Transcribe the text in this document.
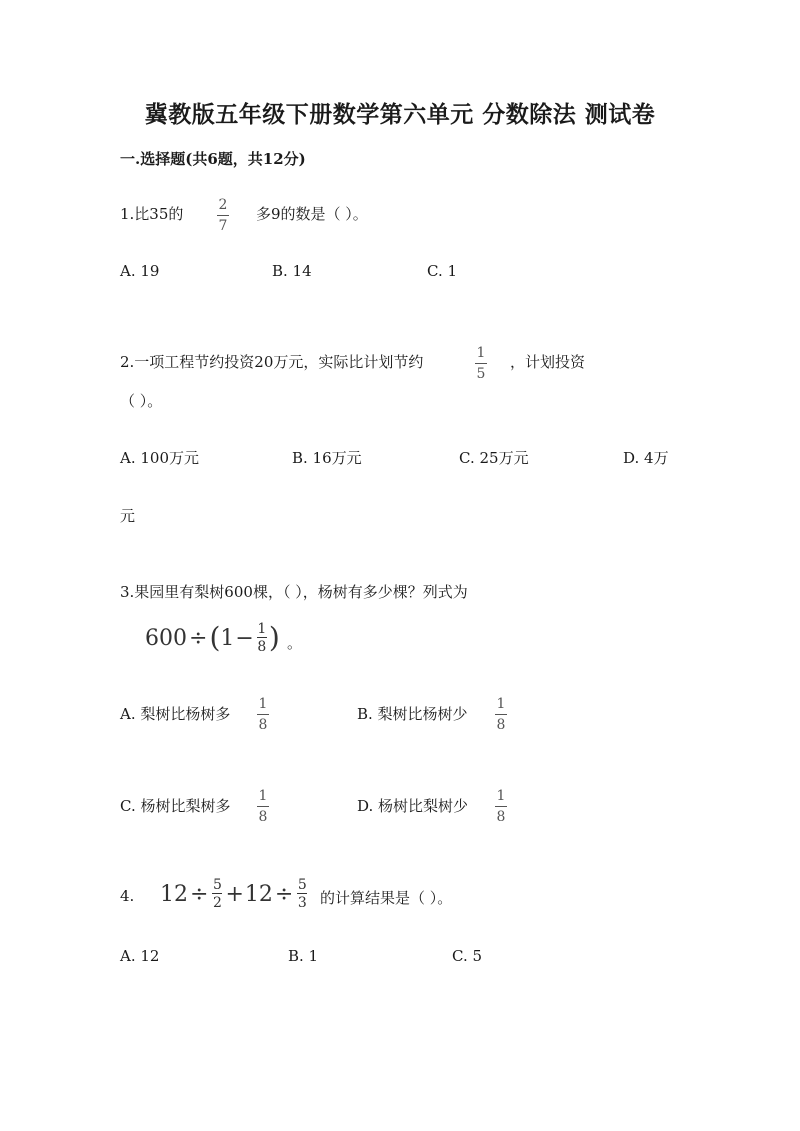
冀教版五年级下册数学第六单元 分数除法 测试卷
一.选择题(共6题，共12分)
1.比35的	2
7
多9的数是（ ）。
A. 19	B. 14	C. 1
2.一项工程节约投资20万元，实际比计划节约	1
5
，计划投资
（ ）。
A. 100万元	B. 16万元	C. 25万元	D. 4万
元
3.果园里有梨树600棵，（ ），杨树有多少棵？列式为
600 ÷ ( 1 − 1
8 ) 。
A. 梨树比杨树多
1
8
B. 梨树比杨树少
1
8
C. 杨树比梨树多
1
8
D. 杨树比梨树少
1
8
4. 12 ÷ 5
2 + 12 ÷ 5
3 的计算结果是（ ）。
A. 12	B. 1	C. 5
